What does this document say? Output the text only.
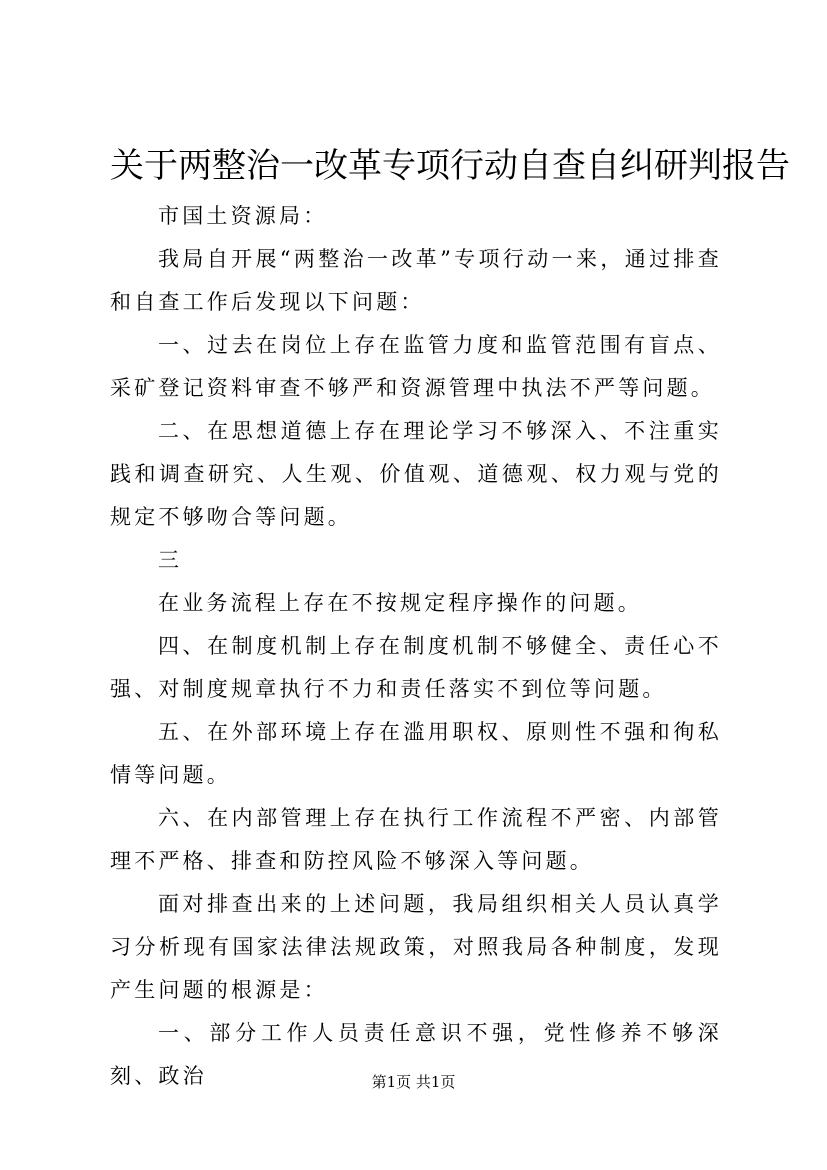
关于两整治一改革专项行动自查自纠研判报告

市国土资源局：

我局自开展“两整治一改革”专项行动一来，通过排查和自查工作后发现以下问题：

一、过去在岗位上存在监管力度和监管范围有盲点、采矿登记资料审查不够严和资源管理中执法不严等问题。

二、在思想道德上存在理论学习不够深入、不注重实践和调查研究、人生观、价值观、道德观、权力观与党的规定不够吻合等问题。

三

在业务流程上存在不按规定程序操作的问题。

四、在制度机制上存在制度机制不够健全、责任心不强、对制度规章执行不力和责任落实不到位等问题。

五、在外部环境上存在滥用职权、原则性不强和徇私情等问题。

六、在内部管理上存在执行工作流程不严密、内部管理不严格、排查和防控风险不够深入等问题。

面对排查出来的上述问题，我局组织相关人员认真学习分析现有国家法律法规政策，对照我局各种制度，发现产生问题的根源是：

一、部分工作人员责任意识不强，党性修养不够深刻、政治	第1页 共1页
